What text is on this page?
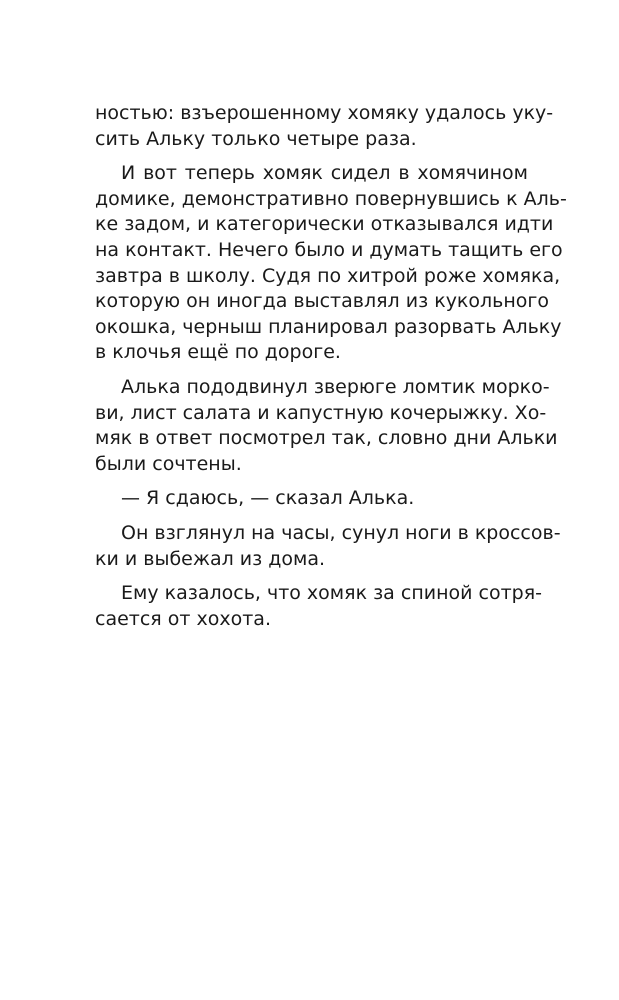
ностью: взъерошенному хомяку удалось уку-
сить Альку только четыре раза.

И вот теперь хомяк сидел в хомячином
домике, демонстративно повернувшись к Аль-
ке задом, и категорически отказывался идти
на контакт. Нечего было и думать тащить его
завтра в школу. Судя по хитрой роже хомяка,
которую он иногда выставлял из кукольного
окошка, черныш планировал разорвать Альку
в клочья ещё по дороге.

Алька пододвинул зверюге ломтик морко-
ви, лист салата и капустную кочерыжку. Хо-
мяк в ответ посмотрел так, словно дни Альки
были сочтены.

— Я сдаюсь, — сказал Алька.

Он взглянул на часы, сунул ноги в кроссов-
ки и выбежал из дома.

Ему казалось, что хомяк за спиной сотря-
сается от хохота.
